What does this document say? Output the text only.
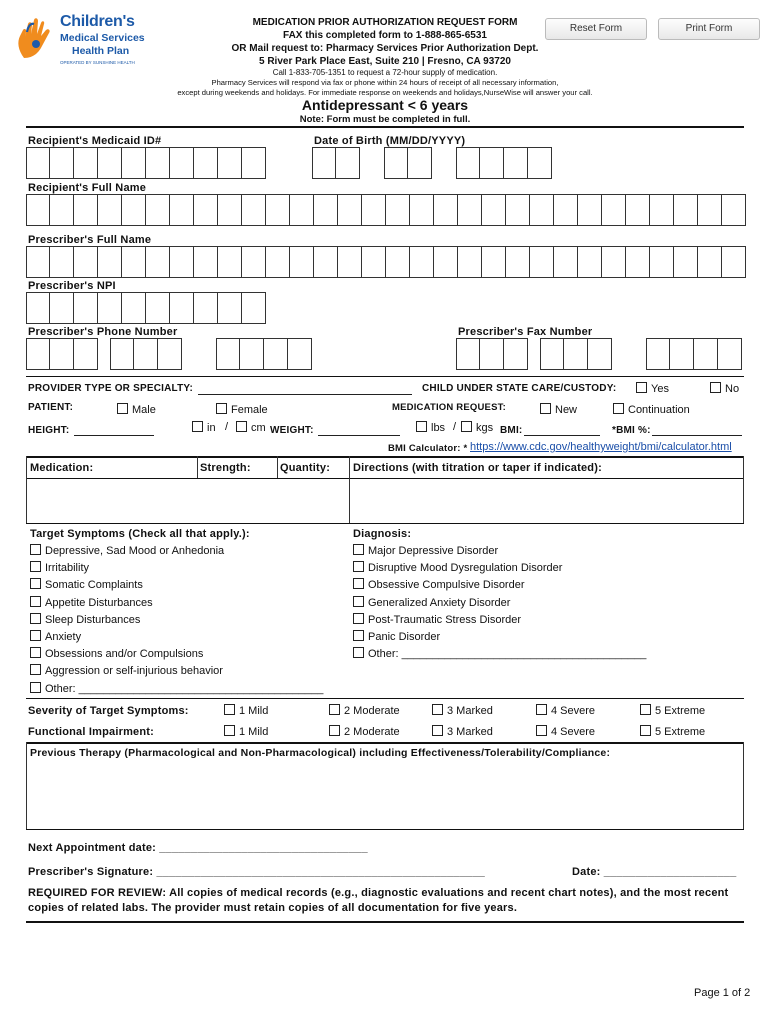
Children's
Medical Services
Health Plan
OPERATED BY SUNSHINE HEALTH
MEDICATION PRIOR AUTHORIZATION REQUEST FORM
FAX this completed form to 1-888-865-6531
OR Mail request to: Pharmacy Services Prior Authorization Dept.
5 River Park Place East, Suite 210 | Fresno, CA 93720
Call 1-833-705-1351 to request a 72-hour supply of medication.
Pharmacy Services will respond via fax or phone within 24 hours of receipt of all necessary information,
except during weekends and holidays. For immediate response on weekends and holidays,NurseWise will answer your call.
Antidepressant < 6 years
Note: Form must be completed in full.
Reset Form	Print Form
Recipient's Medicaid ID#	Date of Birth (MM/DD/YYYY)
Recipient's Full Name
Prescriber's Full Name
Prescriber's NPI
Prescriber's Phone Number	Prescriber's Fax Number
PROVIDER TYPE OR SPECIALTY:	CHILD UNDER STATE CARE/CUSTODY:	Yes	No
PATIENT:	Male	Female	MEDICATION REQUEST:	New	Continuation
HEIGHT:	in /	cm WEIGHT:	lbs /	kgs BMI:	*BMI %:
BMI Calculator: * https://www.cdc.gov/healthyweight/bmi/calculator.html
Medication:	Strength:	Quantity: Directions (with titration or taper if indicated):
Target Symptoms (Check all that apply.):
Depressive, Sad Mood or Anhedonia
Irritability
Somatic Complaints
Appetite Disturbances
Sleep Disturbances
Anxiety
Obsessions and/or Compulsions
Aggression or self-injurious behavior
Other: ________________________________________
Diagnosis:
Major Depressive Disorder
Disruptive Mood Dysregulation Disorder
Obsessive Compulsive Disorder
Generalized Anxiety Disorder
Post-Traumatic Stress Disorder
Panic Disorder
Other: ________________________________________
Severity of Target Symptoms:	1 Mild	2 Moderate	3 Marked	4 Severe	5 Extreme
Functional Impairment:	1 Mild	2 Moderate	3 Marked	4 Severe	5 Extreme
Previous Therapy (Pharmacological and Non-Pharmacological) including Effectiveness/Tolerability/Compliance:
Next Appointment date: _________________________________
Prescriber's Signature: ____________________________________________________	Date: _____________________
REQUIRED FOR REVIEW: All copies of medical records (e.g., diagnostic evaluations and recent chart notes), and the most recent copies of related labs. The provider must retain copies of all documentation for five years.
Page 1 of 2
